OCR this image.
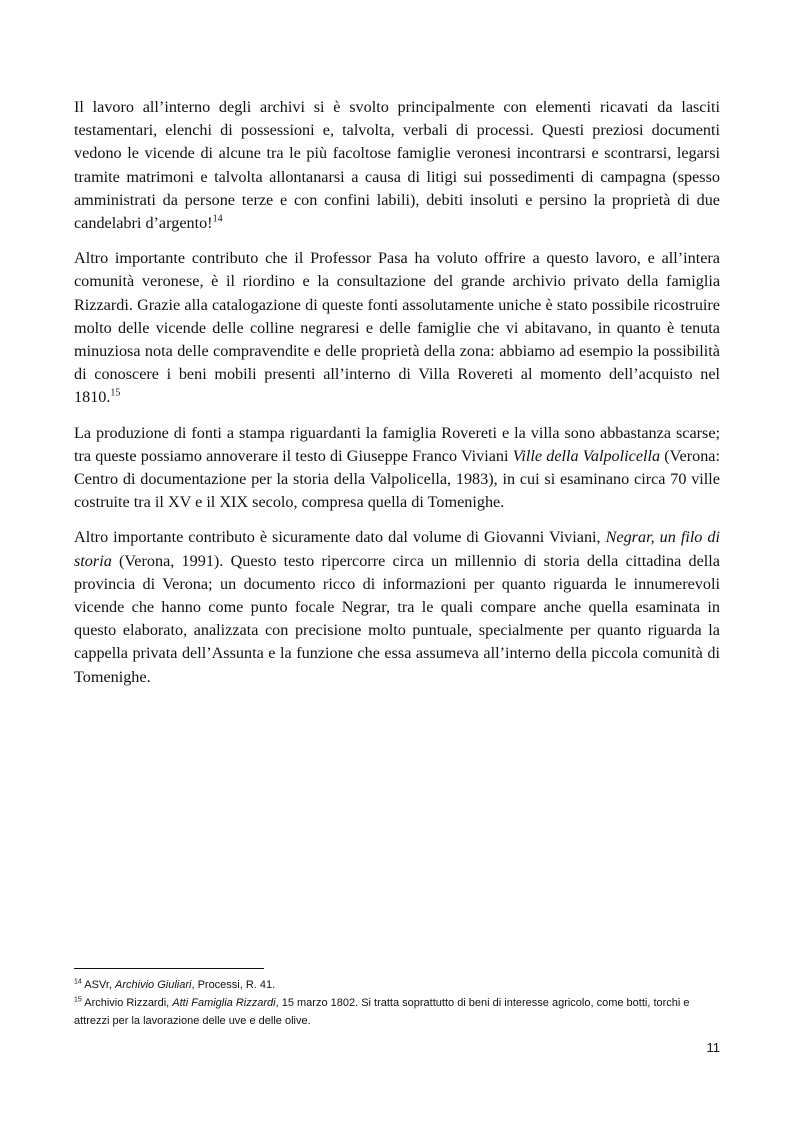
Il lavoro all’interno degli archivi si è svolto principalmente con elementi ricavati da lasciti testamentari, elenchi di possessioni e, talvolta, verbali di processi. Questi preziosi documenti vedono le vicende di alcune tra le più facoltose famiglie veronesi incontrarsi e scontrarsi, legarsi tramite matrimoni e talvolta allontanarsi a causa di litigi sui possedimenti di campagna (spesso amministrati da persone terze e con confini labili), debiti insoluti e persino la proprietà di due candelabri d’argento!$^{14}$

Altro importante contributo che il Professor Pasa ha voluto offrire a questo lavoro, e all’intera comunità veronese, è il riordino e la consultazione del grande archivio privato della famiglia Rizzardi. Grazie alla catalogazione di queste fonti assolutamente uniche è stato possibile ricostruire molto delle vicende delle colline negraresi e delle famiglie che vi abitavano, in quanto è tenuta minuziosa nota delle compravendite e delle proprietà della zona: abbiamo ad esempio la possibilità di conoscere i beni mobili presenti all’interno di Villa Rovereti al momento dell’acquisto nel 1810.15

La produzione di fonti a stampa riguardanti la famiglia Rovereti e la villa sono abbastanza scarse; tra queste possiamo annoverare il testo di Giuseppe Franco Viviani Ville della Valpolicella (Verona: Centro di documentazione per la storia della Valpolicella, 1983), in cui si esaminano circa 70 ville costruite tra il XV e il XIX secolo, compresa quella di Tomenighe.

Altro importante contributo è sicuramente dato dal volume di Giovanni Viviani, Negrar, un filo di storia (Verona, 1991). Questo testo ripercorre circa un millennio di storia della cittadina della provincia di Verona; un documento ricco di informazioni per quanto riguarda le innumerevoli vicende che hanno come punto focale Negrar, tra le quali compare anche quella esaminata in questo elaborato, analizzata con precisione molto puntuale, specialmente per quanto riguarda la cappella privata dell’Assunta e la funzione che essa assumeva all’interno della piccola comunità di Tomenighe.

$^{14}$ ASVr, Archivio Giuliari, Processi, R. 41.

$^{15}$ Archivio Rizzardi, Atti Famiglia Rizzardi, 15 marzo 1802. Si tratta soprattutto di beni di interesse agricolo, come botti, torchi e attrezzi per la lavorazione delle uve e delle olive.

11
